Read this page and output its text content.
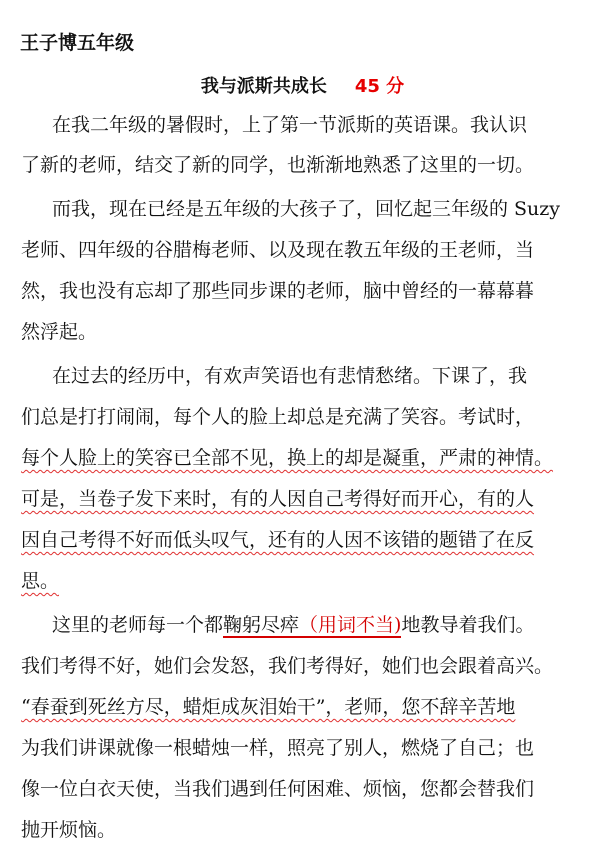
王子博五年级
我与派斯共成长 45 分
在我二年级的暑假时，上了第一节派斯的英语课。我认识
了新的老师，结交了新的同学，也渐渐地熟悉了这里的一切。
而我，现在已经是五年级的大孩子了，回忆起三年级的 Suzy
老师、四年级的谷腊梅老师、以及现在教五年级的王老师，当
然，我也没有忘却了那些同步课的老师，脑中曾经的一幕幕暮
然浮起。
在过去的经历中，有欢声笑语也有悲情愁绪。下课了，我
们总是打打闹闹，每个人的脸上却总是充满了笑容。考试时，
每个人脸上的笑容已全部不见，换上的却是凝重，严肃的神情。
可是，当卷子发下来时，有的人因自己考得好而开心，有的人
因自己考得不好而低头叹气，还有的人因不该错的题错了在反
思。
这里的老师每一个都鞠躬尽瘁（用词不当)地教导着我们。
我们考得不好，她们会发怒，我们考得好，她们也会跟着高兴。
“春蚕到死丝方尽，蜡炬成灰泪始干”，老师，您不辞辛苦地
为我们讲课就像一根蜡烛一样，照亮了别人，燃烧了自己；也
像一位白衣天使，当我们遇到任何困难、烦恼，您都会替我们
抛开烦恼。
